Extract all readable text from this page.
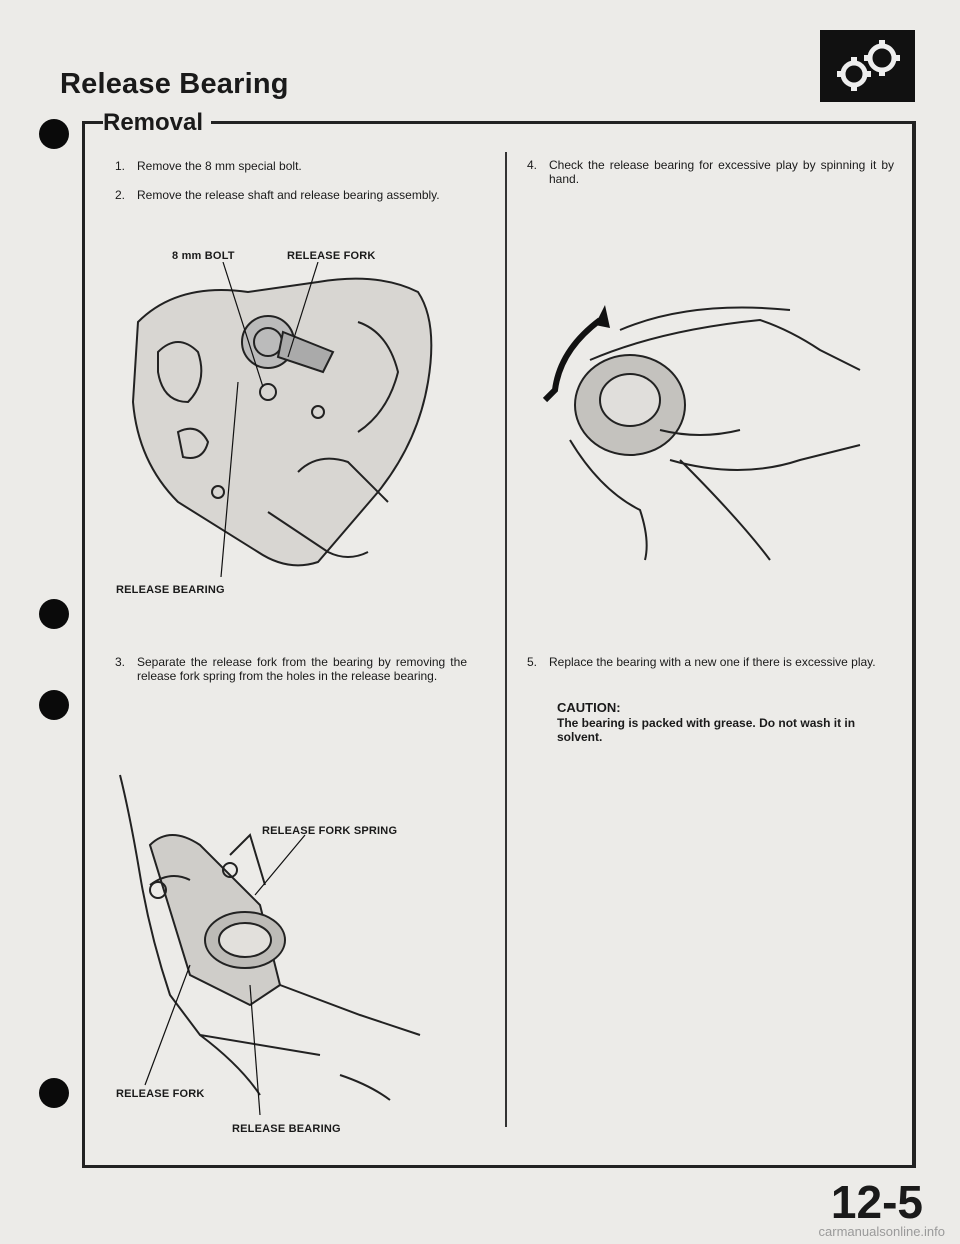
Release Bearing
Removal
1. Remove the 8 mm special bolt.
2. Remove the release shaft and release bearing assembly.
8 mm BOLT	RELEASE FORK
RELEASE BEARING
3. Separate the release fork from the bearing by removing the release fork spring from the holes in the release bearing.
RELEASE FORK SPRING
RELEASE FORK
RELEASE BEARING
4. Check the release bearing for excessive play by spinning it by hand.
5. Replace the bearing with a new one if there is excessive play.
CAUTION:
The bearing is packed with grease. Do not wash it in solvent.
12-5
carmanualsonline.info
